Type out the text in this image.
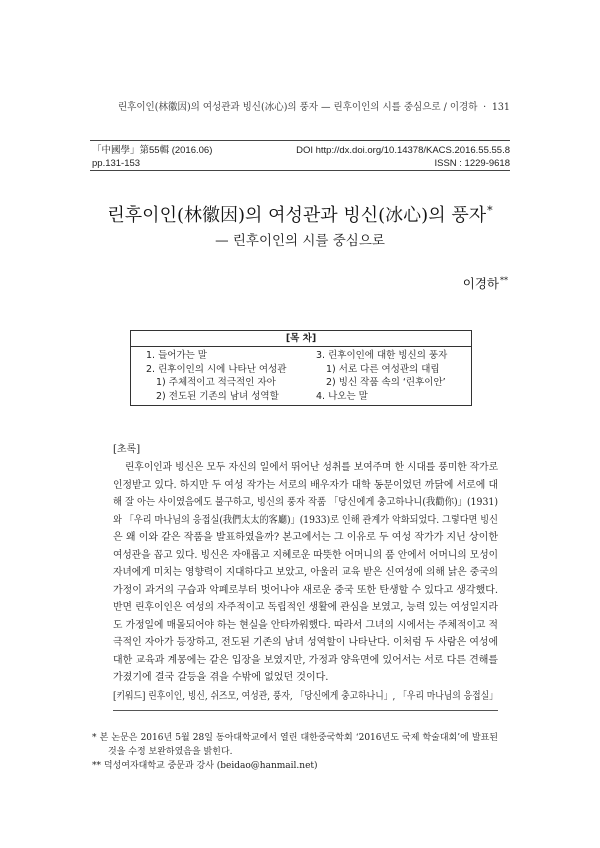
린후이인(林徽因)의 여성관과 빙신(冰心)의 풍자 — 린후이인의 시를 중심으로 / 이경하 · 131
「中國學」第55輯 (2016.06)
pp.131-153
DOI http://dx.doi.org/10.14378/KACS.2016.55.55.8
ISSN : 1229-9618
린후이인(林徽因)의 여성관과 빙신(冰心)의 풍자*
— 린후이인의 시를 중심으로
이경하**
[목 차]
1. 들어가는 말
2. 린후이인의 시에 나타난 여성관
1) 주체적이고 적극적인 자아
2) 전도된 기존의 남녀 성역할
3. 린후이인에 대한 빙신의 풍자
1) 서로 다른 여성관의 대립
2) 빙신 작품 속의 ‘린후이안’
4. 나오는 말
[초록]
린후이인과 빙신은 모두 자신의 일에서 뛰어난 성취를 보여주며 한 시대를 풍미한 작가로
인정받고 있다. 하지만 두 여성 작가는 서로의 배우자가 대학 동문이었던 까닭에 서로에 대
해 잘 아는 사이였음에도 불구하고, 빙신의 풍자 작품 「당신에게 충고하나니(我勸你)」(1931)
와 「우리 마나님의 응접실(我們太太的客廳)」(1933)로 인해 관계가 악화되었다. 그렇다면 빙신
은 왜 이와 같은 작품을 발표하였을까? 본고에서는 그 이유로 두 여성 작가가 지닌 상이한
여성관을 꼽고 있다. 빙신은 자애롭고 지혜로운 따뜻한 어머니의 품 안에서 어머니의 모성이
자녀에게 미치는 영향력이 지대하다고 보았고, 아울러 교육 받은 신여성에 의해 낡은 중국의
가정이 과거의 구습과 악폐로부터 벗어나야 새로운 중국 또한 탄생할 수 있다고 생각했다.
반면 린후이인은 여성의 자주적이고 독립적인 생활에 관심을 보였고, 능력 있는 여성일지라
도 가정일에 매몰되어야 하는 현실을 안타까워했다. 따라서 그녀의 시에서는 주체적이고 적
극적인 자아가 등장하고, 전도된 기존의 남녀 성역할이 나타난다. 이처럼 두 사람은 여성에
대한 교육과 계몽에는 같은 입장을 보였지만, 가정과 양육면에 있어서는 서로 다른 견해를
가졌기에 결국 갈등을 겪을 수밖에 없었던 것이다.
[키워드] 린후이인, 빙신, 쉬즈모, 여성관, 풍자, 「당신에게 충고하나니」, 「우리 마나님의 응접실」
* 본 논문은 2016년 5월 28일 동아대학교에서 열린 대한중국학회 ‘2016년도 국제 학술대회’에 발표된
것을 수정 보완하였음을 밝힌다.
** 덕성여자대학교 중문과 강사 (beidao@hanmail.net)
